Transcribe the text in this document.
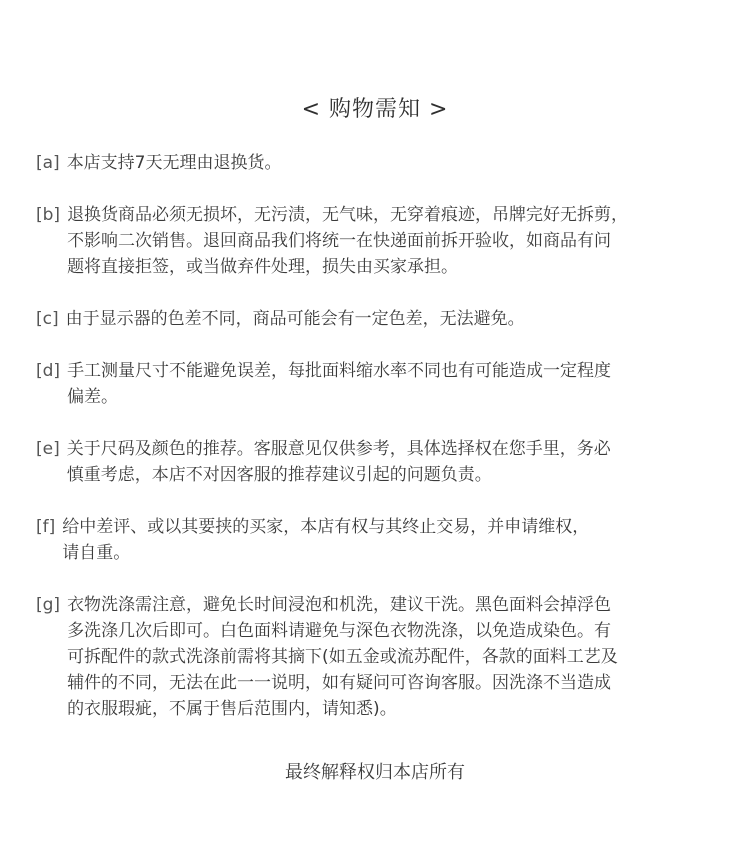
< 购物需知 >
[a] 本店支持7天无理由退换货。
[b] 退换货商品必须无损坏，无污渍，无气味，无穿着痕迹，吊牌完好无拆剪，
不影响二次销售。退回商品我们将统一在快递面前拆开验收，如商品有问
题将直接拒签，或当做弃件处理，损失由买家承担。
[c] 由于显示器的色差不同，商品可能会有一定色差，无法避免。
[d] 手工测量尺寸不能避免误差，每批面料缩水率不同也有可能造成一定程度
偏差。
[e] 关于尺码及颜色的推荐。客服意见仅供参考，具体选择权在您手里，务必
慎重考虑，本店不对因客服的推荐建议引起的问题负责。
[f] 给中差评、或以其要挟的买家，本店有权与其终止交易，并申请维权，
请自重。
[g] 衣物洗涤需注意，避免长时间浸泡和机洗，建议干洗。黑色面料会掉浮色
多洗涤几次后即可。白色面料请避免与深色衣物洗涤，以免造成染色。有
可拆配件的款式洗涤前需将其摘下(如五金或流苏配件，各款的面料工艺及
辅件的不同，无法在此一一说明，如有疑问可咨询客服。因洗涤不当造成
的衣服瑕疵，不属于售后范围内，请知悉)。
最终解释权归本店所有
